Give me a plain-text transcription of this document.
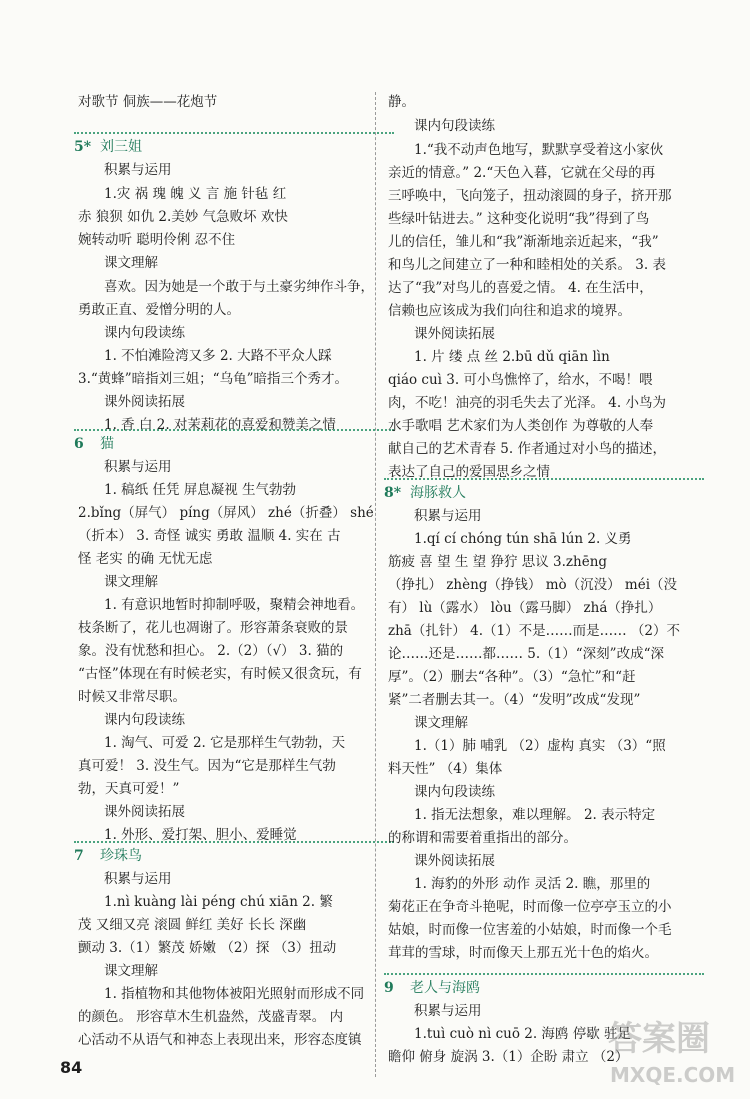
对歌节 侗族——花炮节
5* 刘三姐
积累与运用
1.灾 祸 瑰 魄 义 言 施 针毡 红
赤 狼狈 如仇 2.美妙 气急败坏 欢快
婉转动听 聪明伶俐 忍不住
课文理解
喜欢。因为她是一个敢于与土豪劣绅作斗争，
勇敢正直、爱憎分明的人。
课内句段读练
1. 不怕滩险湾又多 2. 大路不平众人踩
3.“黄蜂”暗指刘三姐；“乌龟”暗指三个秀才。
课外阅读拓展
1. 香 白 2. 对茉莉花的喜爱和赞美之情
6 猫
积累与运用
1. 稿纸 任凭 屏息凝视 生气勃勃
2.bǐng（屏气） píng（屏风） zhé（折叠） shé
（折本） 3. 奇怪 诚实 勇敢 温顺 4. 实在 古
怪 老实 的确 无忧无虑
课文理解
1. 有意识地暂时抑制呼吸，聚精会神地看。
枝条断了，花儿也凋谢了。形容萧条衰败的景
象。没有忧愁和担心。 2.（2）（√） 3. 猫的
“古怪”体现在有时候老实，有时候又很贪玩，有
时候又非常尽职。
课内句段读练
1. 淘气、可爱 2. 它是那样生气勃勃，天
真可爱！ 3. 没生气。因为“它是那样生气勃
勃，天真可爱！”
课外阅读拓展
1. 外形、爱打架、胆小、爱睡觉
7 珍珠鸟
积累与运用
1.nì kuàng lài péng chú xiān 2. 繁
茂 又细又亮 滚圆 鲜红 美好 长长 深幽
颤动 3.（1）繁茂 娇嫩 （2）探 （3）扭动
课文理解
1. 指植物和其他物体被阳光照射而形成不同
的颜色。 形容草木生机盎然，茂盛青翠。 内
心活动不从语气和神态上表现出来，形容态度镇
静。
课内句段读练
1.“我不动声色地写，默默享受着这小家伙
亲近的情意。” 2.“天色入暮，它就在父母的再
三呼唤中，飞向笼子，扭动滚圆的身子，挤开那
些绿叶钻进去。” 这种变化说明“我”得到了鸟
儿的信任，雏儿和“我”渐渐地亲近起来，“我”
和鸟儿之间建立了一种和睦相处的关系。 3. 表
达了“我”对鸟儿的喜爱之情。 4. 在生活中，
信赖也应该成为我们向往和追求的境界。
课外阅读拓展
1. 片 缕 点 丝 2.bū dǔ qiān lìn
qiáo cuì 3. 可小鸟憔悴了，给水，不喝！喂
肉，不吃！油亮的羽毛失去了光泽。 4. 小鸟为
水手歌唱 艺术家们为人类创作 为尊敬的人奉
献自己的艺术青春 5. 作者通过对小鸟的描述，
表达了自己的爱国思乡之情
8* 海豚救人
积累与运用
1.qí cí chóng tún shā lún 2. 义勇
筋疲 喜 望 生 望 狰狞 思议 3.zhēng
（挣扎） zhèng（挣钱） mò（沉没） méi（没
有） lù（露水） lòu（露马脚） zhá（挣扎）
zhā（扎针） 4.（1）不是……而是…… （2）不
论……还是……都…… 5.（1）“深刻”改成“深
厚”。（2）删去“各种”。（3）“急忙”和“赶
紧”二者删去其一。（4）“发明”改成“发现”
课文理解
1.（1）肺 哺乳 （2）虚构 真实 （3）“照
料天性” （4）集体
课内句段读练
1. 指无法想象，难以理解。 2. 表示特定
的称谓和需要着重指出的部分。
课外阅读拓展
1. 海豹的外形 动作 灵活 2. 瞧，那里的
菊花正在争奇斗艳呢，时而像一位亭亭玉立的小
姑娘，时而像一位害羞的小姑娘，时而像一个毛
茸茸的雪球，时而像天上那五光十色的焰火。
9 老人与海鸥
积累与运用
1.tuì cuò nì cuō 2. 海鸥 停歇 驻足
瞻仰 俯身 旋涡 3.（1）企盼 肃立 （2）
84
答案圈
MXQE.COM
